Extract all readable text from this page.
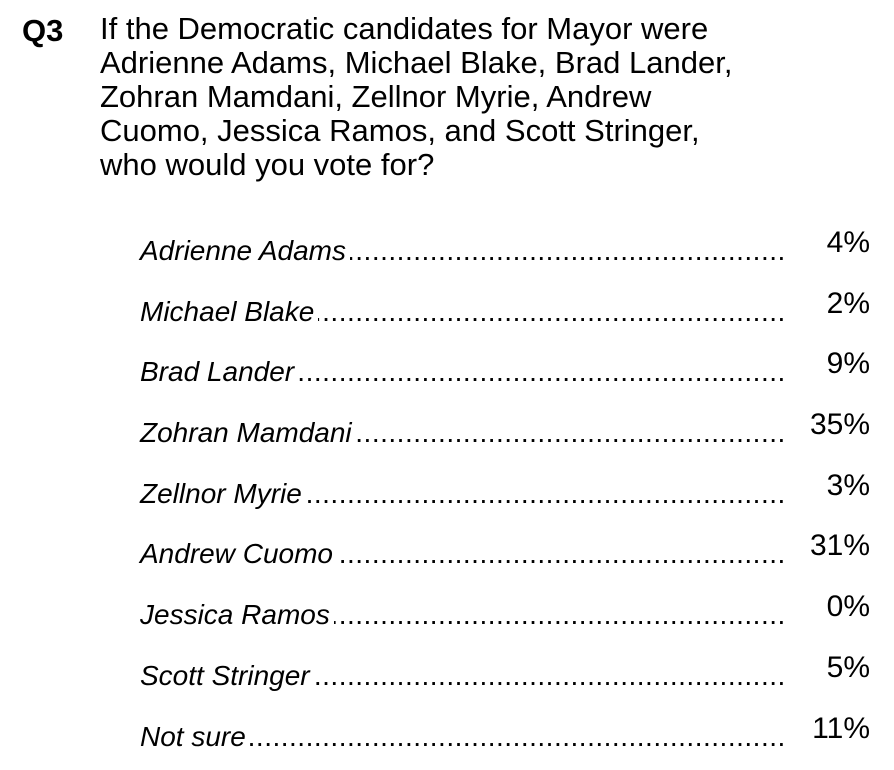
Q3 If the Democratic candidates for Mayor were
Adrienne Adams, Michael Blake, Brad Lander,
Zohran Mamdani, Zellnor Myrie, Andrew
Cuomo, Jessica Ramos, and Scott Stringer,
who would you vote for?
.....
Adrienne Adams	4%
.....
Michael Blake	2%
.....
Brad Lander	9%
.....
Zohran Mamdani	35%
.....
Zellnor Myrie	3%
.....
Andrew Cuomo	31%
.....
Jessica Ramos	0%
.....
Scott Stringer	5%
.....
Not sure	11%
